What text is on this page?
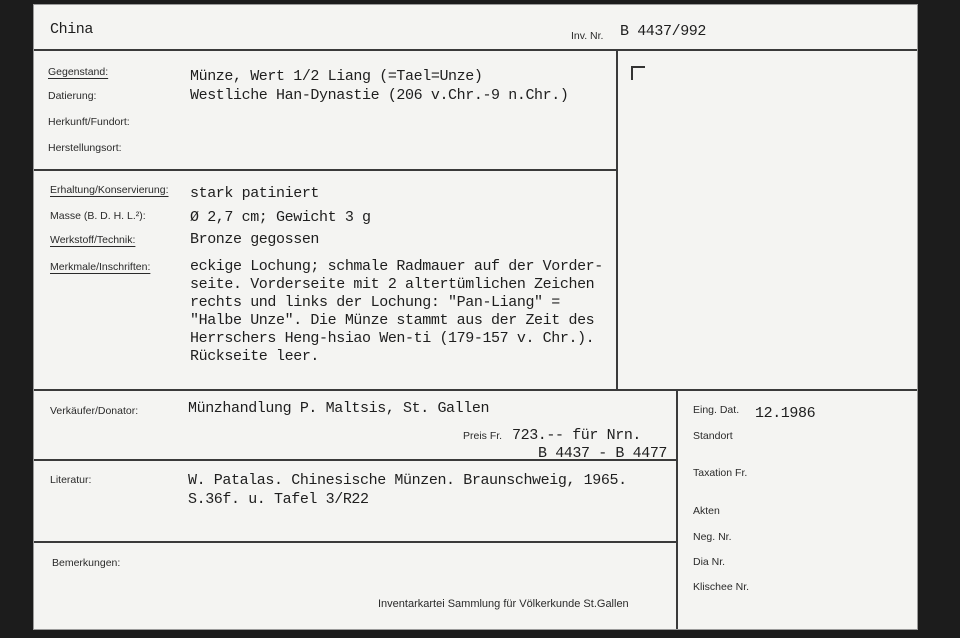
China	Inv. Nr. B 4437/992
Gegenstand:	Münze, Wert 1/2 Liang (=Tael=Unze)
Datierung:	Westliche Han-Dynastie (206 v.Chr.-9 n.Chr.)
Herkunft/Fundort:
Herstellungsort:
Erhaltung/Konservierung: stark patiniert
Masse (B. D. H. L.²):	Ø 2,7 cm; Gewicht 3 g
Werkstoff/Technik:	Bronze gegossen
Merkmale/Inschriften:	eckige Lochung; schmale Radmauer auf der Vorder-
seite. Vorderseite mit 2 altertümlichen Zeichen
rechts und links der Lochung: "Pan-Liang" =
"Halbe Unze". Die Münze stammt aus der Zeit des
Herrschers Heng-hsiao Wen-ti (179-157 v. Chr.).
Rückseite leer.
Verkäufer/Donator:	Münzhandlung P. Maltsis, St. Gallen
Preis Fr. 723.-- für Nrn.
B 4437 - B 4477
Eing. Dat. 12.1986
Standort
Taxation Fr.
Akten
Neg. Nr.
Dia Nr.
Klischee Nr.
Literatur:	W. Patalas. Chinesische Münzen. Braunschweig, 1965.
S.36f. u. Tafel 3/R22
Bemerkungen:
Inventarkartei Sammlung für Völkerkunde St.Gallen
